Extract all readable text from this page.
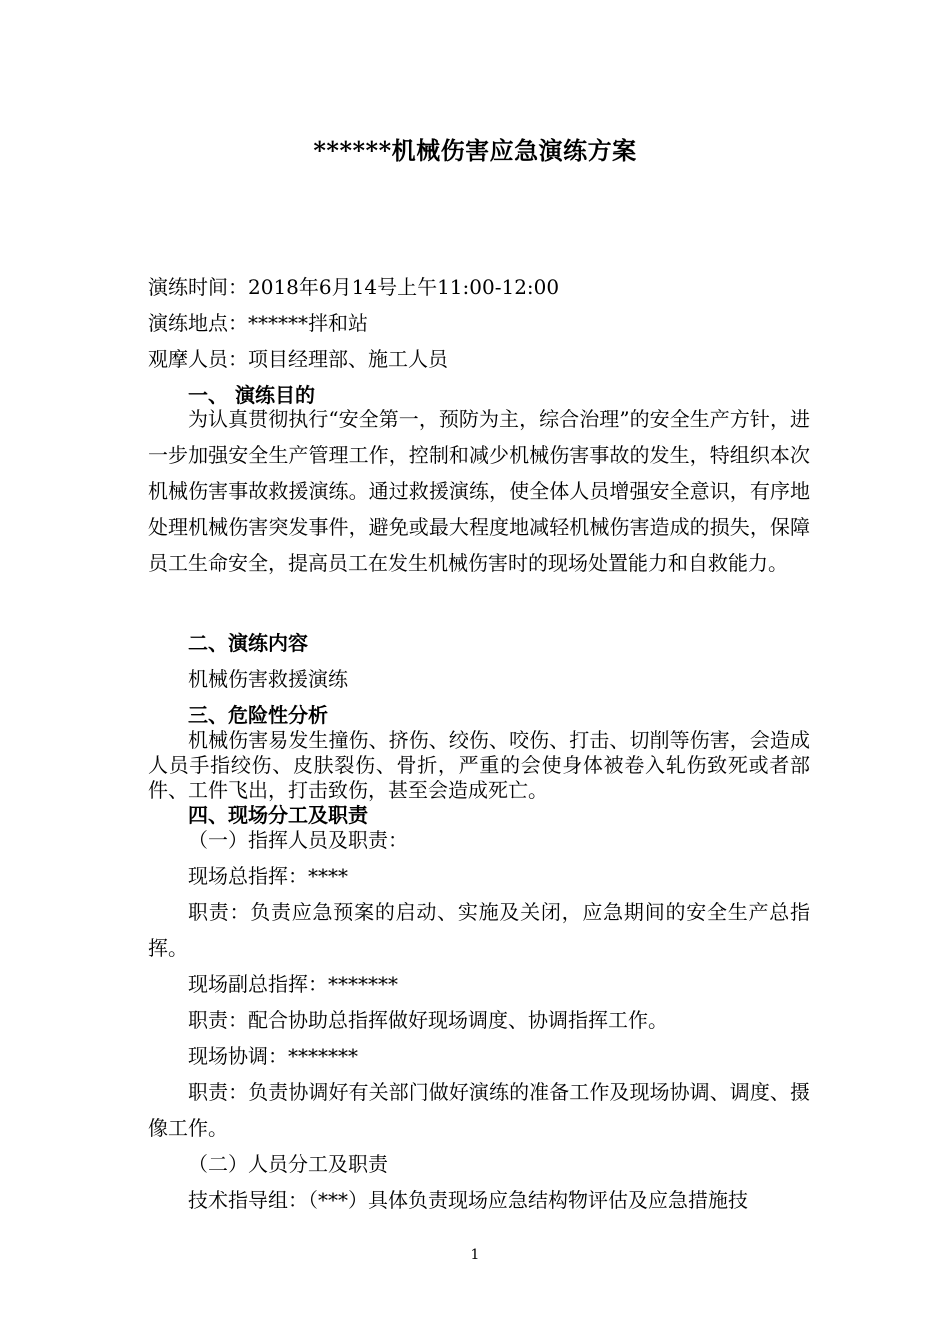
******机械伤害应急演练方案
演练时间：2018年6月14号上午11:00-12:00
演练地点：******拌和站
观摩人员：项目经理部、施工人员
一、 演练目的
为认真贯彻执行“安全第一，预防为主，综合治理”的安全生产方针，进一步加强安全生产管理工作，控制和减少机械伤害事故的发生，特组织本次机械伤害事故救援演练。通过救援演练，使全体人员增强安全意识，有序地处理机械伤害突发事件，避免或最大程度地减轻机械伤害造成的损失，保障员工生命安全，提高员工在发生机械伤害时的现场处置能力和自救能力。
二、演练内容
机械伤害救援演练
三、危险性分析
机械伤害易发生撞伤、挤伤、绞伤、咬伤、打击、切削等伤害，会造成人员手指绞伤、皮肤裂伤、骨折，严重的会使身体被卷入轧伤致死或者部件、工件飞出，打击致伤，甚至会造成死亡。
四、现场分工及职责
（一）指挥人员及职责：
现场总指挥：****
职责：负责应急预案的启动、实施及关闭，应急期间的安全生产总指挥。
现场副总指挥：*******
职责：配合协助总指挥做好现场调度、协调指挥工作。
现场协调：*******
职责：负责协调好有关部门做好演练的准备工作及现场协调、调度、摄像工作。
（二）人员分工及职责
技术指导组：（***）具体负责现场应急结构物评估及应急措施技
1
